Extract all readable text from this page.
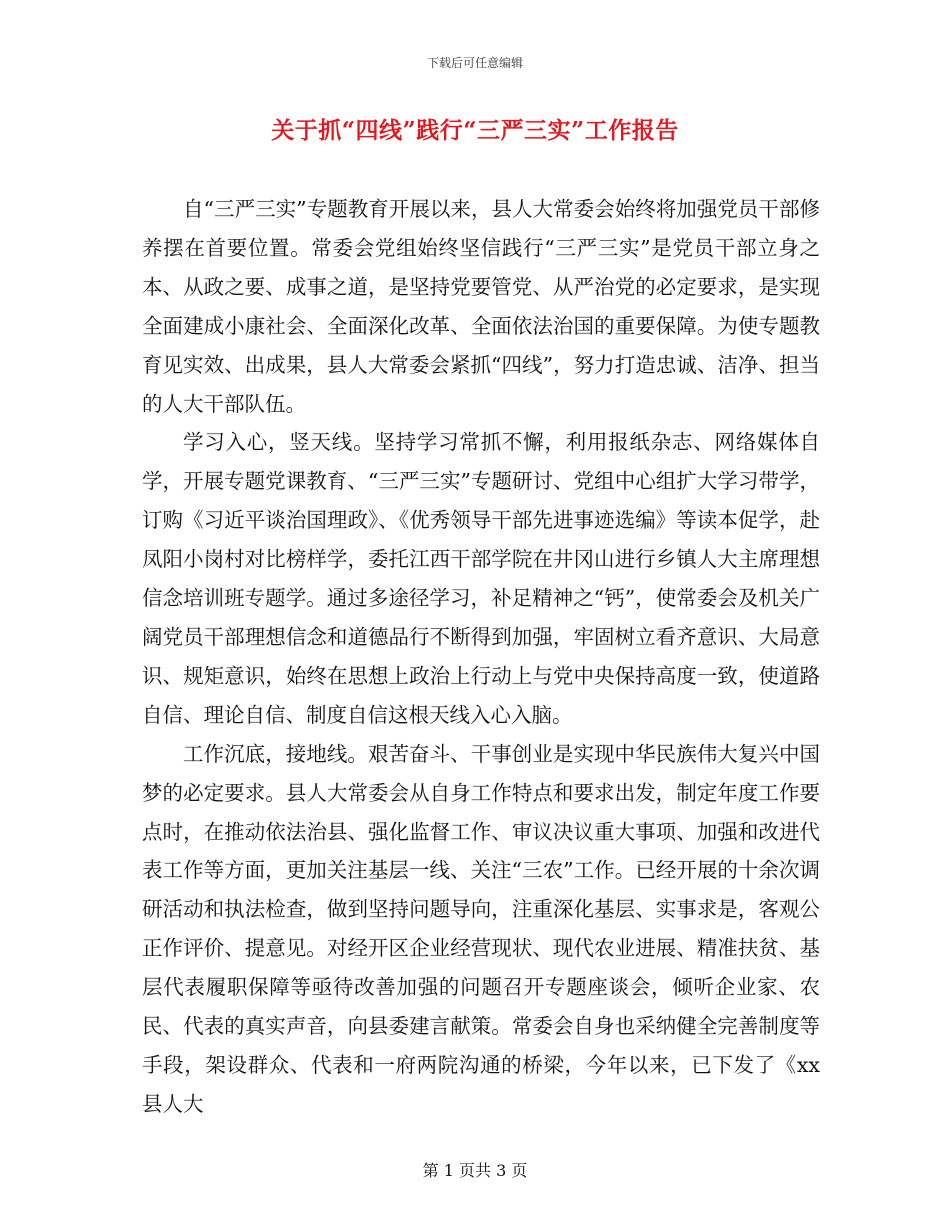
下载后可任意编辑
关于抓“四线”践行“三严三实”工作报告

自“三严三实”专题教育开展以来，县人大常委会始终将加强党员干部修养摆在首要位置。常委会党组始终坚信践行“三严三实”是党员干部立身之本、从政之要、成事之道，是坚持党要管党、从严治党的必定要求，是实现全面建成小康社会、全面深化改革、全面依法治国的重要保障。为使专题教育见实效、出成果，县人大常委会紧抓“四线”，努力打造忠诚、洁净、担当的人大干部队伍。

学习入心，竖天线。坚持学习常抓不懈，利用报纸杂志、网络媒体自学，开展专题党课教育、“三严三实”专题研讨、党组中心组扩大学习带学，订购《习近平谈治国理政》、《优秀领导干部先进事迹选编》等读本促学，赴凤阳小岗村对比榜样学，委托江西干部学院在井冈山进行乡镇人大主席理想信念培训班专题学。通过多途径学习，补足精神之“钙”，使常委会及机关广阔党员干部理想信念和道德品行不断得到加强，牢固树立看齐意识、大局意识、规矩意识，始终在思想上政治上行动上与党中央保持高度一致，使道路自信、理论自信、制度自信这根天线入心入脑。

工作沉底，接地线。艰苦奋斗、干事创业是实现中华民族伟大复兴中国梦的必定要求。县人大常委会从自身工作特点和要求出发，制定年度工作要点时，在推动依法治县、强化监督工作、审议决议重大事项、加强和改进代表工作等方面，更加关注基层一线、关注“三农”工作。已经开展的十余次调研活动和执法检查，做到坚持问题导向，注重深化基层、实事求是，客观公正作评价、提意见。对经开区企业经营现状、现代农业进展、精准扶贫、基层代表履职保障等亟待改善加强的问题召开专题座谈会，倾听企业家、农民、代表的真实声音，向县委建言献策。常委会自身也采纳健全完善制度等手段，架设群众、代表和一府两院沟通的桥梁，今年以来，已下发了《xx县人大

第 1 页共 3 页
